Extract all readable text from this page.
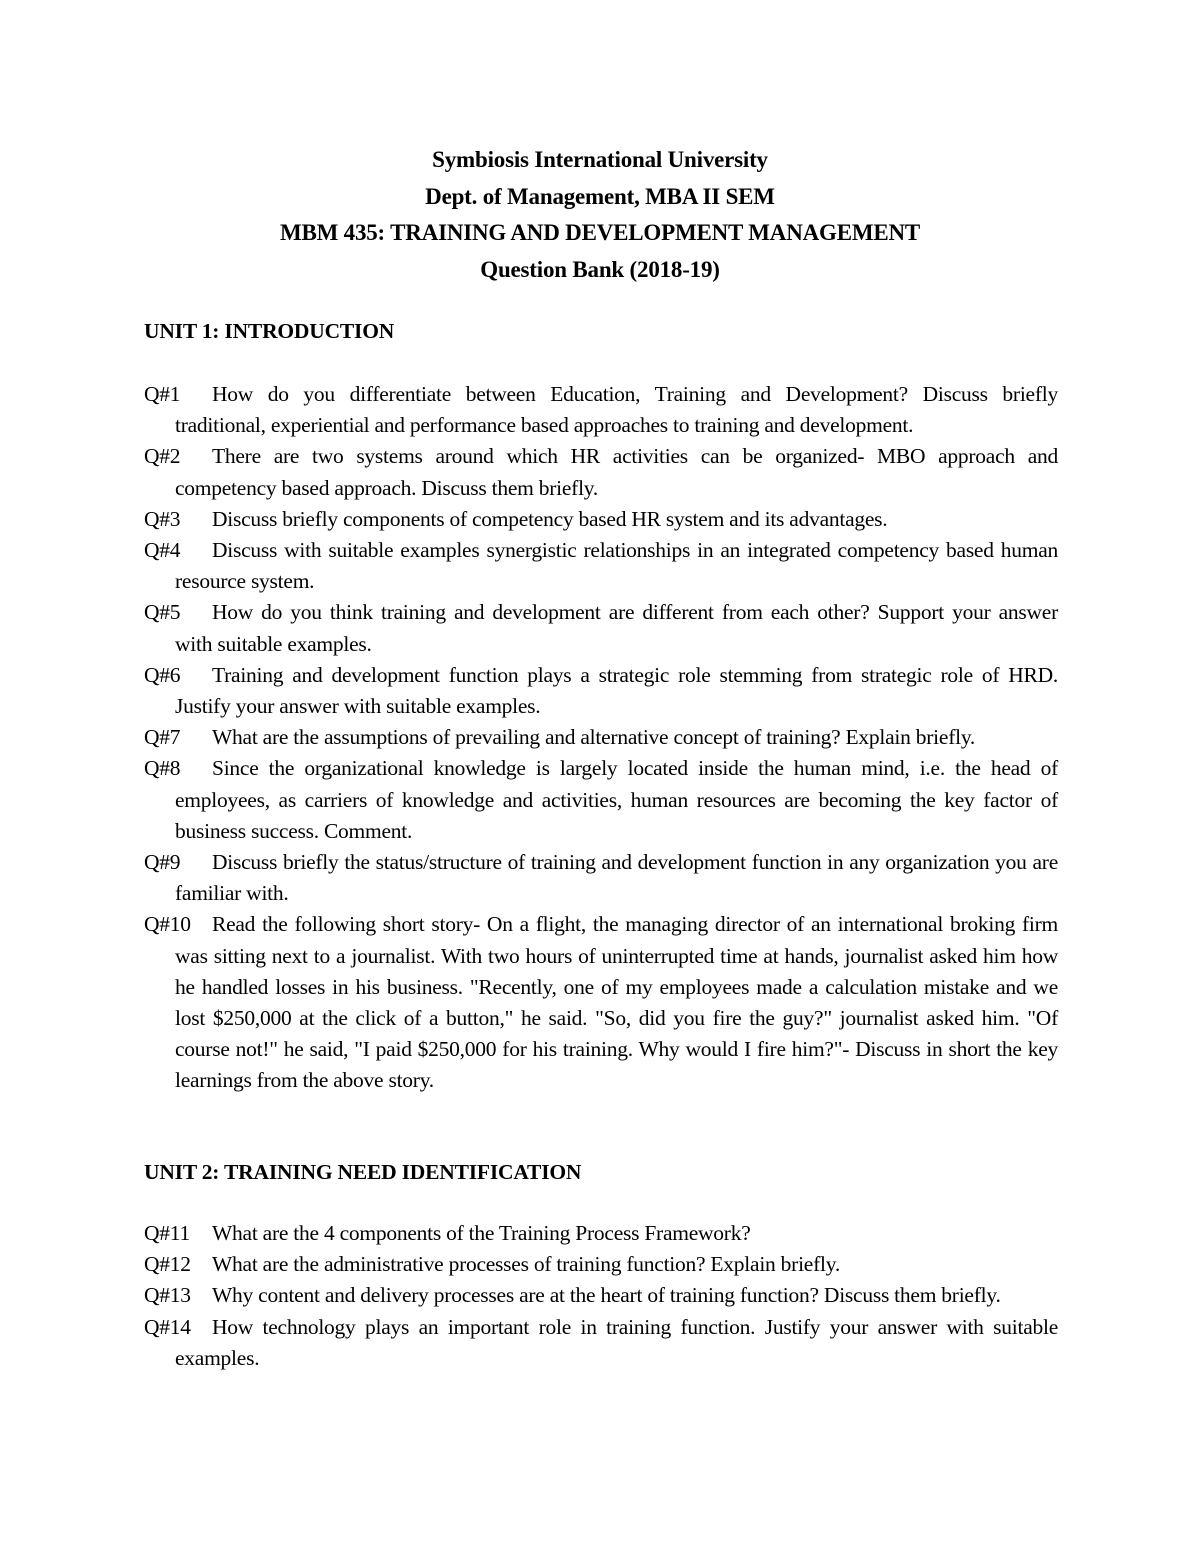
Symbiosis International University
Dept. of Management, MBA II SEM
MBM 435: TRAINING AND DEVELOPMENT MANAGEMENT
Question Bank (2018-19)
UNIT 1: INTRODUCTION
Q#1 How do you differentiate between Education, Training and Development? Discuss briefly traditional, experiential and performance based approaches to training and development.
Q#2 There are two systems around which HR activities can be organized- MBO approach and competency based approach. Discuss them briefly.
Q#3 Discuss briefly components of competency based HR system and its advantages.
Q#4 Discuss with suitable examples synergistic relationships in an integrated competency based human resource system.
Q#5 How do you think training and development are different from each other? Support your answer with suitable examples.
Q#6 Training and development function plays a strategic role stemming from strategic role of HRD. Justify your answer with suitable examples.
Q#7 What are the assumptions of prevailing and alternative concept of training? Explain briefly.
Q#8 Since the organizational knowledge is largely located inside the human mind, i.e. the head of employees, as carriers of knowledge and activities, human resources are becoming the key factor of business success. Comment.
Q#9 Discuss briefly the status/structure of training and development function in any organization you are familiar with.
Q#10 Read the following short story- On a flight, the managing director of an international broking firm was sitting next to a journalist. With two hours of uninterrupted time at hands, journalist asked him how he handled losses in his business. "Recently, one of my employees made a calculation mistake and we lost $250,000 at the click of a button," he said. "So, did you fire the guy?" journalist asked him. "Of course not!" he said, "I paid $250,000 for his training. Why would I fire him?"- Discuss in short the key learnings from the above story.
UNIT 2: TRAINING NEED IDENTIFICATION
Q#11 What are the 4 components of the Training Process Framework?
Q#12 What are the administrative processes of training function? Explain briefly.
Q#13 Why content and delivery processes are at the heart of training function? Discuss them briefly.
Q#14 How technology plays an important role in training function. Justify your answer with suitable examples.
